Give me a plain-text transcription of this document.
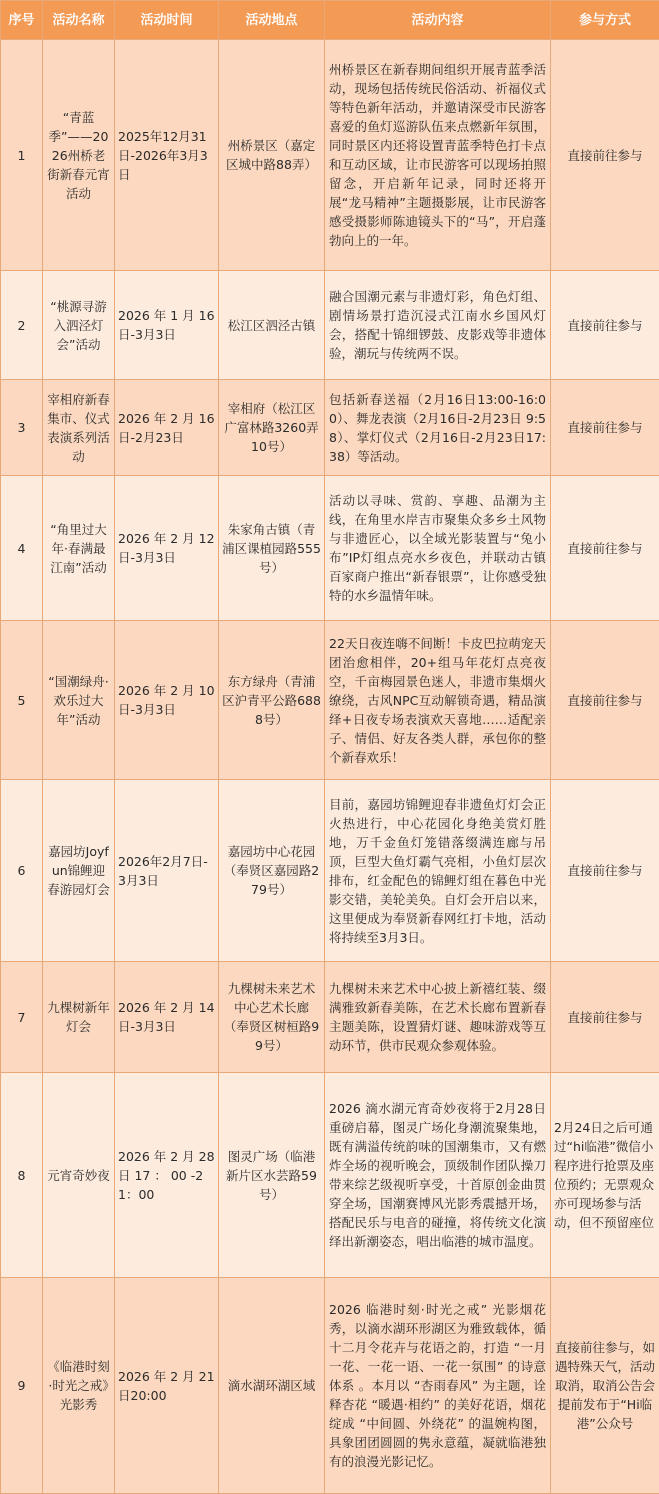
序号	活动名称	活动时间	活动地点	活动内容	参与方式
1	“青蓝季”——2026州桥老街新春元宵活动	2025年12月31日-2026年3月3日	州桥景区（嘉定区城中路88弄）	州桥景区在新春期间组织开展青蓝季活动，现场包括传统民俗活动、祈福仪式等特色新年活动，并邀请深受市民游客喜爱的鱼灯巡游队伍来点燃新年氛围，同时景区内还将设置青蓝季特色打卡点和互动区域，让市民游客可以现场拍照留念，开启新年记录，同时还将开展“龙马精神”主题摄影展，让市民游客感受摄影师陈迪镜头下的“马”，开启蓬勃向上的一年。	直接前往参与
2	“桃源寻游入泗泾灯会”活动	2026 年 1 月 16日-3月3日	松江区泗泾古镇	融合国潮元素与非遗灯彩，角色灯组、剧情场景打造沉浸式江南水乡国风灯会，搭配十锦细锣鼓、皮影戏等非遗体验，潮玩与传统两不误。	直接前往参与
3	宰相府新春集市、仪式表演系列活动	2026 年 2 月 16日-2月23日	宰相府（松江区广富林路3260弄10号）	包括新春送福（2月16日13:00-16:00）、舞龙表演（2月16日-2月23日 9:58）、掌灯仪式（2月16日-2月23日17:38）等活动。	直接前往参与
4	“角里过大年·春满最江南”活动	2026 年 2 月 12日-3月3日	朱家角古镇（青浦区课植园路555号）	活动以寻味、赏韵、享趣、品潮为主线，在角里水岸吉市聚集众多乡土风物与非遗匠心，以全域光影装置与“兔小布”IP灯组点亮水乡夜色，并联动古镇百家商户推出“新春银票”，让你感受独特的水乡温情年味。	直接前往参与
5	“国潮绿舟·欢乐过大年”活动	2026 年 2 月 10日-3月3日	东方绿舟（青浦区沪青平公路6888号）	22天日夜连嗨不间断！卡皮巴拉萌宠天团治愈相伴，20+组马年花灯点亮夜空，千亩梅园景色迷人，非遗市集烟火缭绕，古风NPC互动解锁奇遇，精品演绎+日夜专场表演欢天喜地……适配亲子、情侣、好友各类人群，承包你的整个新春欢乐！	直接前往参与
6	嘉园坊Joyfun锦鲤迎春游园灯会	2026年2月7日-3月3日	嘉园坊中心花园（奉贤区嘉园路279号）	目前，嘉园坊锦鲤迎春非遗鱼灯灯会正火热进行，中心花园化身绝美赏灯胜地，万千金鱼灯笼错落缀满连廊与吊顶，巨型大鱼灯霸气亮相，小鱼灯层次排布，红金配色的锦鲤灯组在暮色中光影交错，美轮美奂。自灯会开启以来，这里便成为奉贤新春网红打卡地，活动将持续至3月3日。	直接前往参与
7	九棵树新年灯会	2026 年 2 月 14日-3月3日	九棵树未来艺术中心艺术长廊（奉贤区树桓路99号）	九棵树未来艺术中心披上新禧红装、缀满雅致新春美陈，在艺术长廊布置新春主题美陈，设置猜灯谜、趣味游戏等互动环节，供市民观众参观体验。	直接前往参与
8	元宵奇妙夜	2026 年 2 月 28日 17 ： 00 -21：00	图灵广场（临港新片区水芸路59号）	2026 滴水湖元宵奇妙夜将于2月28日重磅启幕，图灵广场化身潮流聚集地，既有满溢传统韵味的国潮集市，又有燃炸全场的视听晚会，顶级制作团队操刀带来综艺级视听享受，十首原创金曲贯穿全场，国潮赛博风光影秀震撼开场，搭配民乐与电音的碰撞，将传统文化演绎出新潮姿态，唱出临港的城市温度。	2月24日之后可通过“hi临港”微信小程序进行抢票及座位预约；无票观众亦可现场参与活动，但不预留座位
9	《临港时刻·时光之戒》光影秀	2026 年 2 月 21日20:00	滴水湖环湖区域	2026 临港时刻·时光之戒” 光影烟花秀，以滴水湖环形湖区为雅致载体，循十二月令花卉与花语之韵，打造 “一月一花、一花一语、一花一氛围” 的诗意体系 。本月以 “杏雨春风” 为主题，诠释杏花 “暖遇·相约” 的美好花语，烟花绽成 “中间圆、外绕花” 的温婉构图，具象团团圆圆的隽永意蕴，凝就临港独有的浪漫光影记忆。	直接前往参与，如遇特殊天气，活动取消，取消公告会提前发布于“Hi临港”公众号
